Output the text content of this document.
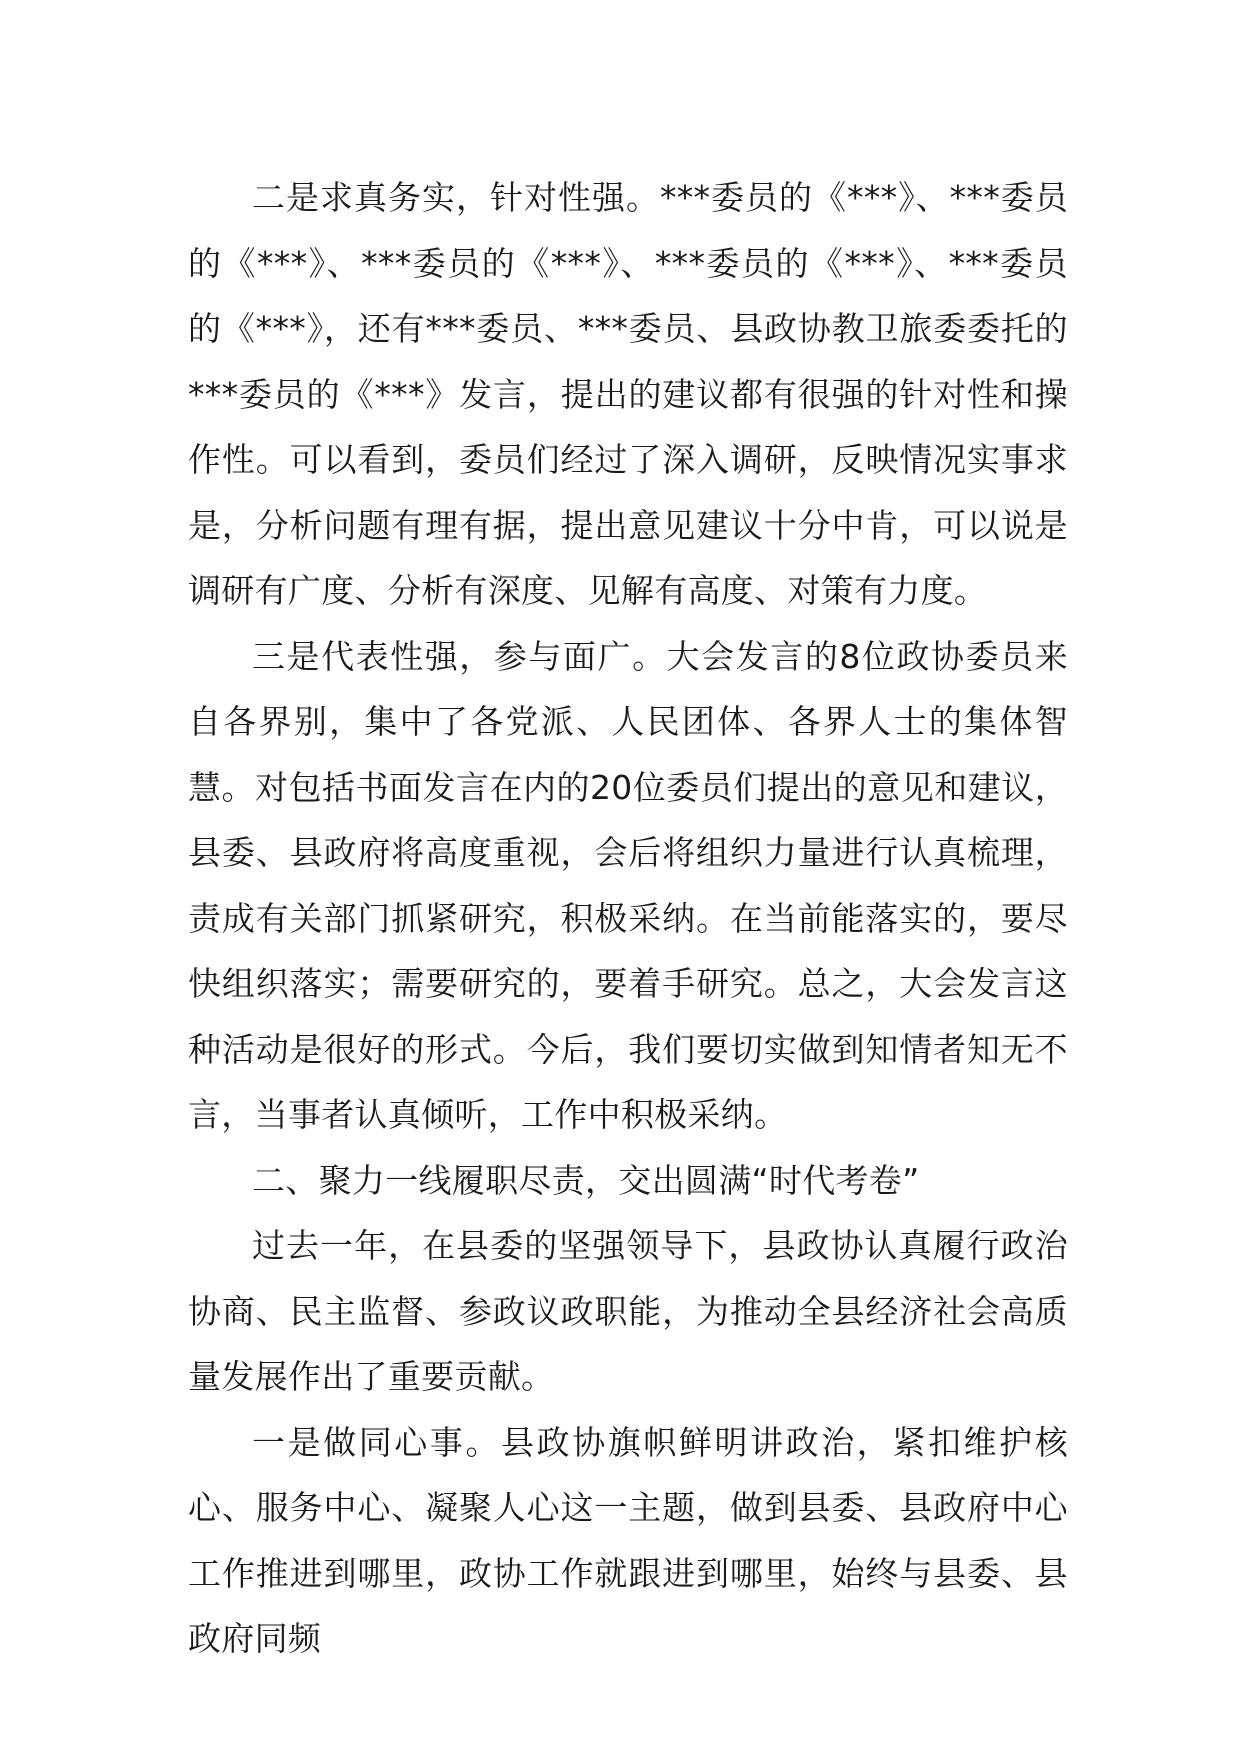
二是求真务实，针对性强。***委员的《***》、***委员的《***》、***委员的《***》、***委员的《***》、***委员的《***》，还有***委员、***委员、县政协教卫旅委委托的***委员的《***》发言，提出的建议都有很强的针对性和操作性。可以看到，委员们经过了深入调研，反映情况实事求是，分析问题有理有据，提出意见建议十分中肯，可以说是调研有广度、分析有深度、见解有高度、对策有力度。

三是代表性强，参与面广。大会发言的8位政协委员来自各界别，集中了各党派、人民团体、各界人士的集体智慧。对包括书面发言在内的20位委员们提出的意见和建议，县委、县政府将高度重视，会后将组织力量进行认真梳理，责成有关部门抓紧研究，积极采纳。在当前能落实的，要尽快组织落实；需要研究的，要着手研究。总之，大会发言这种活动是很好的形式。今后，我们要切实做到知情者知无不言，当事者认真倾听，工作中积极采纳。

二、聚力一线履职尽责，交出圆满“时代考卷”

过去一年，在县委的坚强领导下，县政协认真履行政治协商、民主监督、参政议政职能，为推动全县经济社会高质量发展作出了重要贡献。

一是做同心事。县政协旗帜鲜明讲政治，紧扣维护核心、服务中心、凝聚人心这一主题，做到县委、县政府中心工作推进到哪里，政协工作就跟进到哪里，始终与县委、县政府同频
